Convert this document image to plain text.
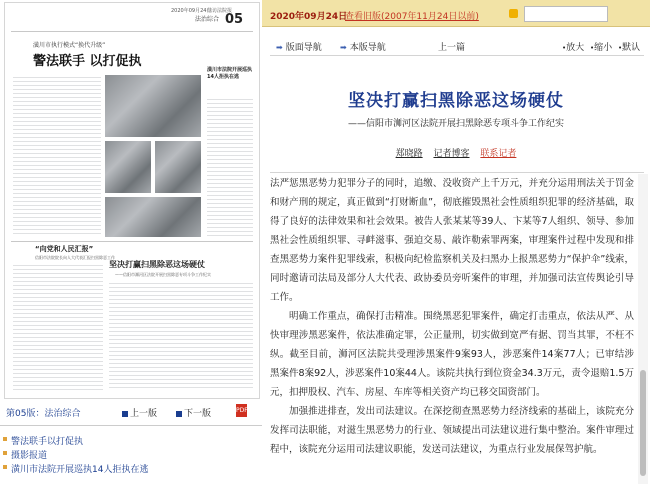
2020年09月24日
信访法院报
法治综合 05
潢川市执行模式“换代升级”
警法联手 以打促执
潢川市法院开展巡执14人拒执在逃
“向党和人民汇报”
信阳市法院院长向人大代表汇报扫黑除恶工作
坚决打赢扫黑除恶这场硬仗
——信阳市浉河区法院开展扫黑除恶专项斗争工作纪实
第05版：法治综合	上一版	下一版	PDF
警法联手以打促执
摄影报道
潢川市法院开展巡执14人拒执在逃
2020年09月24日
查看旧版(2007年11月24日以前)
➡ 版面导航 ➡ 本版导航	上一篇	•放大 •缩小 •默认
坚决打赢扫黑除恶这场硬仗
——信阳市浉河区法院开展扫黑除恶专项斗争工作纪实
郑晓路 记者博客 联系记者

法严惩黑恶势力犯罪分子的同时，追缴、没收资产上千万元，并充分运用刑法关于罚金和财产刑的规定，真正做到“打财断血”，彻底摧毁黑社会性质组织犯罪的经济基础，取得了良好的法律效果和社会效果。被告人张某某等39人、卞某等7人组织、领导、参加黑社会性质组织罪、寻衅滋事、强迫交易、敲诈勒索罪两案，审理案件过程中发现和排查黑恶势力案件犯罪线索，积极向纪检监察机关及扫黑办上报黑恶势力“保护伞”线索，同时邀请司法局及部分人大代表、政协委员旁听案件的审理，并加强司法宣传舆论引导工作。

明确工作重点，确保打击精准。围绕黑恶犯罪案件，确定打击重点，依法从严、从快审理涉黑恶案件，依法准确定罪，公正量刑，切实做到宽严有据、罚当其罪，不枉不纵。截至目前，浉河区法院共受理涉黑案件9案93人，涉恶案件14案77人；已审结涉黑案件8案92人，涉恶案件10案44人。该院共执行到位资金34.3万元，责令退赔1.5万元，扣押股权、汽车、房屋、车库等相关资产均已移交国资部门。

加强推进排查，发出司法建议。在深挖彻查黑恶势力经济线索的基础上，该院充分发挥司法职能，对滋生黑恶势力的行业、领域提出司法建议进行集中整治。案件审理过程中，该院充分运用司法建议职能，发送司法建议，为重点行业发展保驾护航。
